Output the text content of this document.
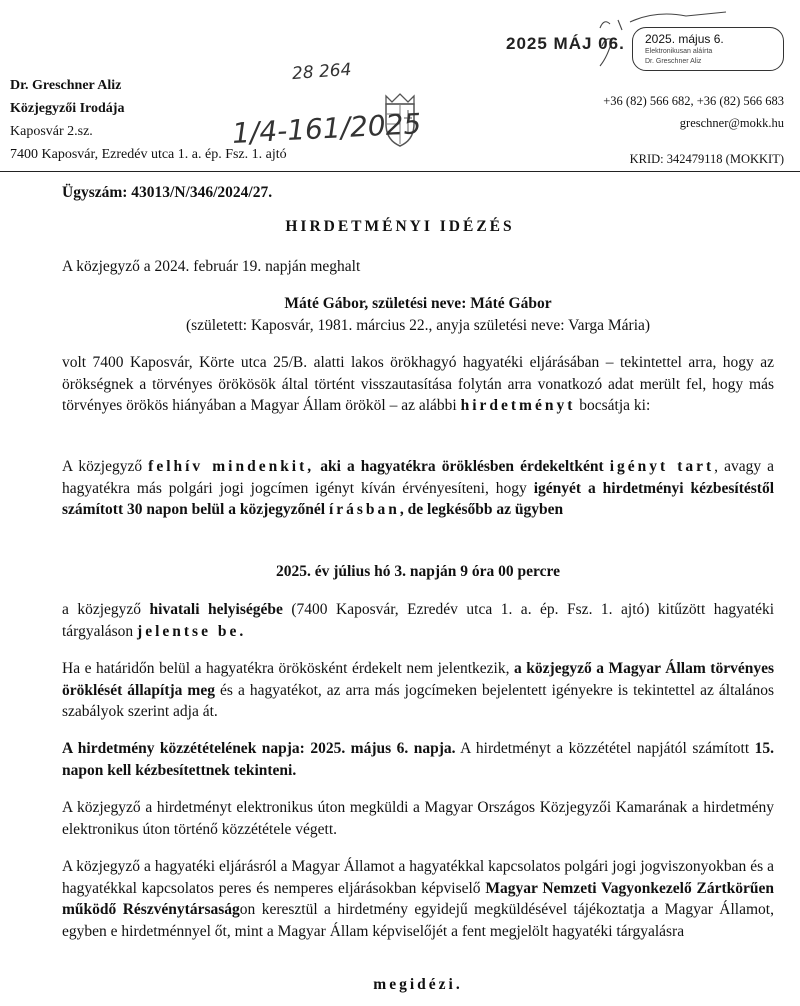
Dr. Greschner Aliz
Közjegyzői Irodája
Kaposvár 2.sz.
7400 Kaposvár, Ezredév utca 1. a. ép. Fsz. 1. ajtó
28 264
1/4-161/2025
2025 MÁJ 06. 2025. május 6.
Elektronikusan aláírta
Dr. Greschner Aliz
+36 (82) 566 682, +36 (82) 566 683
greschner@mokk.hu
KRID: 342479118 (MOKKIT)
Ügyszám: 43013/N/346/2024/27.
HIRDETMÉNYI IDÉZÉS
A közjegyző a 2024. február 19. napján meghalt
Máté Gábor, születési neve: Máté Gábor
(született: Kaposvár, 1981. március 22., anyja születési neve: Varga Mária)
volt 7400 Kaposvár, Körte utca 25/B. alatti lakos örökhagyó hagyatéki eljárásában – tekintettel arra, hogy az örökségnek a törvényes örökösök által történt visszautasítása folytán arra vonatkozó adat merült fel, hogy más törvényes örökös hiányában a Magyar Állam örököl – az alábbi hirdetményt bocsátja ki:
A közjegyző felhív mindenkit, aki a hagyatékra öröklésben érdekeltként igényt tart, avagy a hagyatékra más polgári jogi jogcímen igényt kíván érvényesíteni, hogy igényét a hirdetményi kézbesítéstől számított 30 napon belül a közjegyzőnél írásban, de legkésőbb az ügyben
2025. év július hó 3. napján 9 óra 00 percre
a közjegyző hivatali helyiségébe (7400 Kaposvár, Ezredév utca 1. a. ép. Fsz. 1. ajtó) kitűzött hagyatéki tárgyaláson jelentse be.
Ha e határidőn belül a hagyatékra örökösként érdekelt nem jelentkezik, a közjegyző a Magyar Állam törvényes öröklését állapítja meg és a hagyatékot, az arra más jogcímeken bejelentett igényekre is tekintettel az általános szabályok szerint adja át.
A hirdetmény közzétételének napja: 2025. május 6. napja. A hirdetményt a közzététel napjától számított 15. napon kell kézbesítettnek tekinteni.
A közjegyző a hirdetményt elektronikus úton megküldi a Magyar Országos Közjegyzői Kamarának a hirdetmény elektronikus úton történő közzététele végett.
A közjegyző a hagyatéki eljárásról a Magyar Államot a hagyatékkal kapcsolatos polgári jogi jogviszonyokban és a hagyatékkal kapcsolatos peres és nemperes eljárásokban képviselő Magyar Nemzeti Vagyonkezelő Zártkörűen működő Részvénytársaságon keresztül a hirdetmény egyidejű megküldésével tájékoztatja a Magyar Államot, egyben e hirdetménnyel őt, mint a Magyar Állam képviselőjét a fent megjelölt hagyatéki tárgyalásra
megidézi.
